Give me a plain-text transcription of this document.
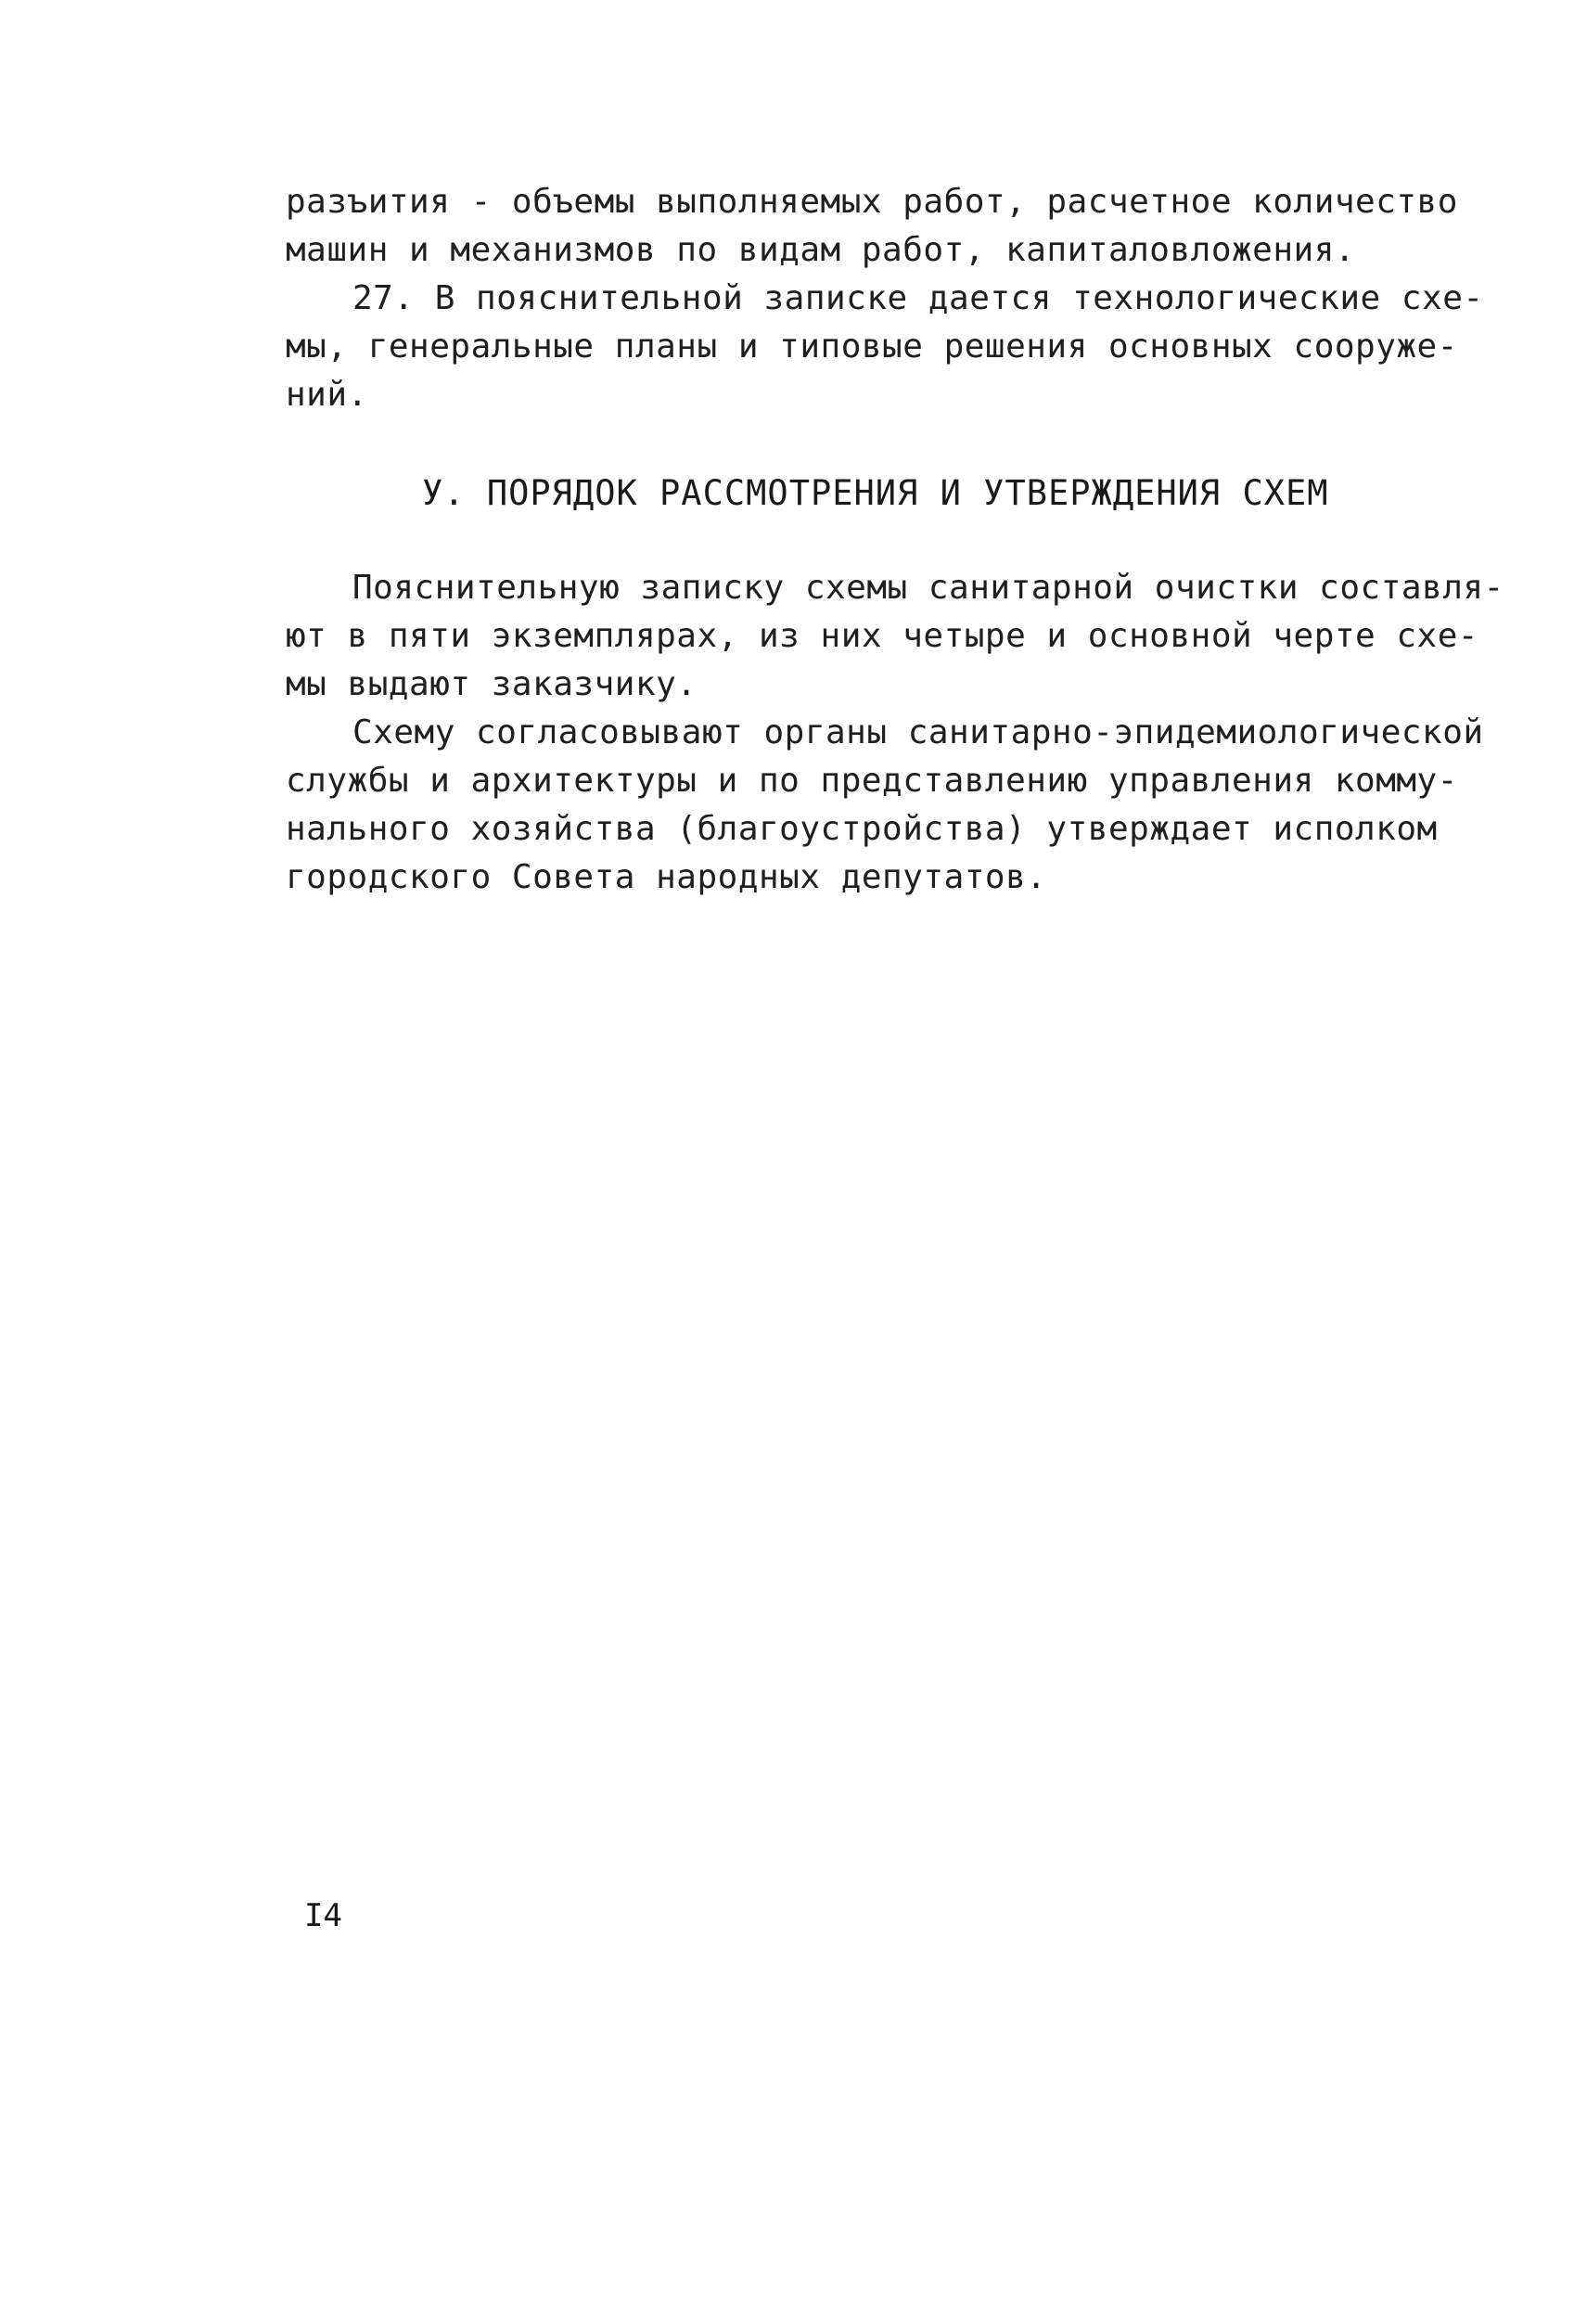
разъития - объемы выполняемых работ, расчетное количество
машин и механизмов по видам работ, капиталовложения.
27. В пояснительной записке дается технологические схе-
мы, генеральные планы и типовые решения основных сооруже-
ний.
У. ПОРЯДОК РАССМОТРЕНИЯ И УТВЕРЖДЕНИЯ СХЕМ
Пояснительную записку схемы санитарной очистки составля-
ют в пяти экземплярах, из них четыре и основной черте схе-
мы выдают заказчику.
Схему согласовывают органы санитарно-эпидемиологической
службы и архитектуры и по представлению управления комму-
нального хозяйства (благоустройства) утверждает исполком
городского Совета народных депутатов.
I4
